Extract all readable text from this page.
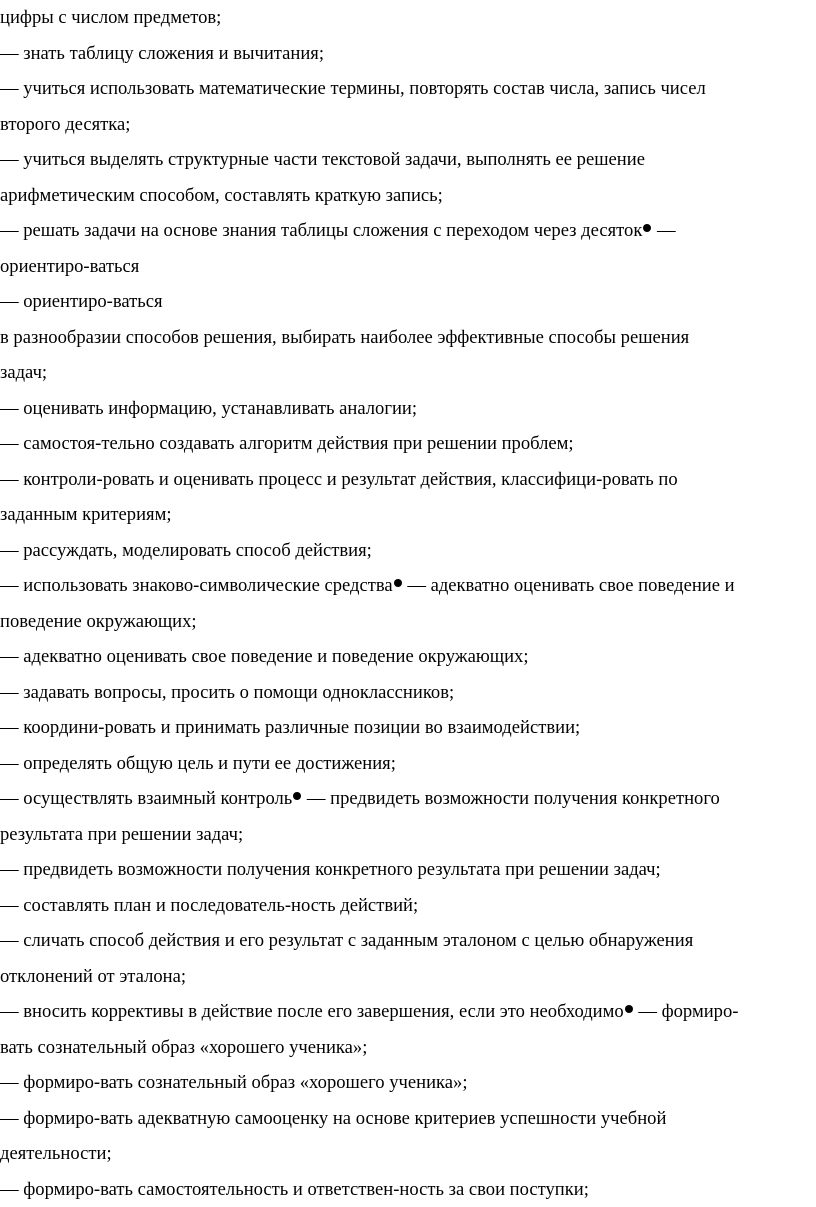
цифры с числом предметов;
— знать таблицу сложения и вычитания;
— учиться использовать математические термины, повторять состав числа, запись чисел
второго десятка;
— учиться выделять структурные части текстовой задачи, выполнять ее решение
арифметическим способом, составлять краткую запись;
— решать задачи на основе знания таблицы сложения с переходом через десяток —
ориентиро-ваться
— ориентиро-ваться
в разнообразии способов решения, выбирать наиболее эффективные способы решения
задач;
— оценивать информацию, устанавливать аналогии;
— самостоя-тельно создавать алгоритм действия при решении проблем;
— контроли-ровать и оценивать процесс и результат действия, классифици-ровать по
заданным критериям;
— рассуждать, моделировать способ действия;
— использовать знаково-символические средства — адекватно оценивать свое поведение и
поведение окружающих;
— адекватно оценивать свое поведение и поведение окружающих;
— задавать вопросы, просить о помощи одноклассников;
— координи-ровать и принимать различные позиции во взаимодействии;
— определять общую цель и пути ее достижения;
— осуществлять взаимный контроль — предвидеть возможности получения конкретного
результата при решении задач;
— предвидеть возможности получения конкретного результата при решении задач;
— составлять план и последователь-ность действий;
— сличать способ действия и его результат с заданным эталоном с целью обнаружения
отклонений от эталона;
— вносить коррективы в действие после его завершения, если это необходимо — формиро-
вать сознательный образ «хорошего ученика»;
— формиро-вать сознательный образ «хорошего ученика»;
— формиро-вать адекватную самооценку на основе критериев успешности учебной
деятельности;
— формиро-вать самостоятельность и ответствен-ность за свои поступки;
